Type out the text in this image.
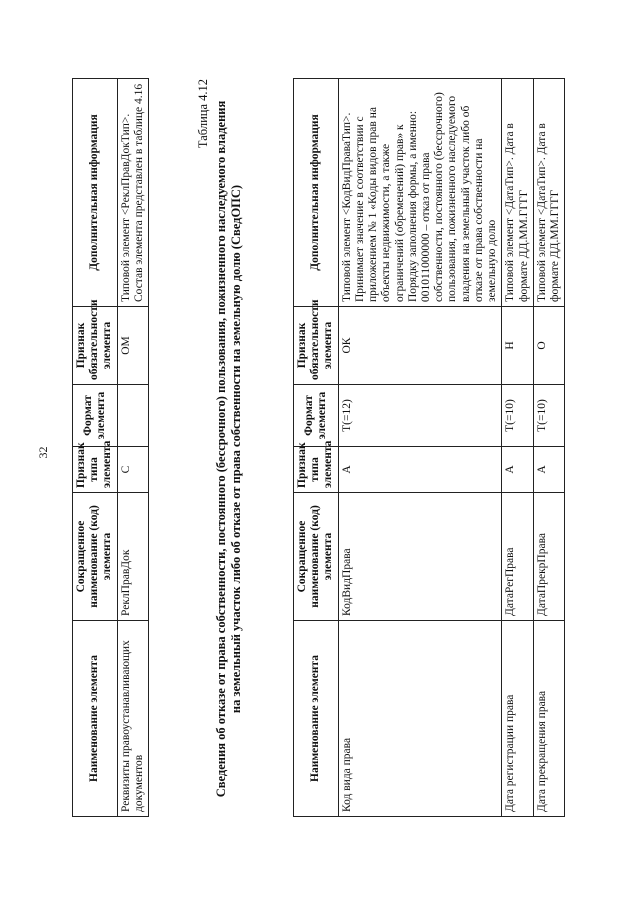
32
Наименование элемента	Сокращенное наименование (код) элемента	Признак типа элемента	Формат элемента	Признак обязательности элемента	Дополнительная информация
Реквизиты правоустанавливающих документов	РеклПравДок	С		ОМ	Типовой элемент <РеклПравДокТип>. Состав элемента представлен в таблице 4.16	Таблица 4.12 Сведения об отказе от права собственности, постоянного (бессрочного) пользования, пожизненного наследуемого владения на земельный участок либо об отказе от права собственности на земельную долю (СведОПС)
Наименование элемента	Сокращенное наименование (код) элемента	Признак типа элемента	Формат элемента	Признак обязательности элемента	Дополнительная информация
Код вида права	КодВидПрава	А	T(=12)	ОК	Типовой элемент <КодВидПраваТип>. Принимает значение в соответствии с приложением № 1 «Коды видов прав на объекты недвижимости, а также ограничений (обременений) прав» к Порядку заполнения формы, а именно: 001011000000 – отказ от права собственности, постоянного (бессрочного) пользования, пожизненного наследуемого владения на земельный участок либо об отказе от права собственности на земельную долю
Дата регистрации права	ДатаРегПрава	А	T(=10)	Н	Типовой элемент <ДатаТип>. Дата в формате ДД.ММ.ГГГГ
Дата прекращения права	ДатаПрекрПрава	А	T(=10)	О	Типовой элемент <ДатаТип>. Дата в формате ДД.ММ.ГГГГ
